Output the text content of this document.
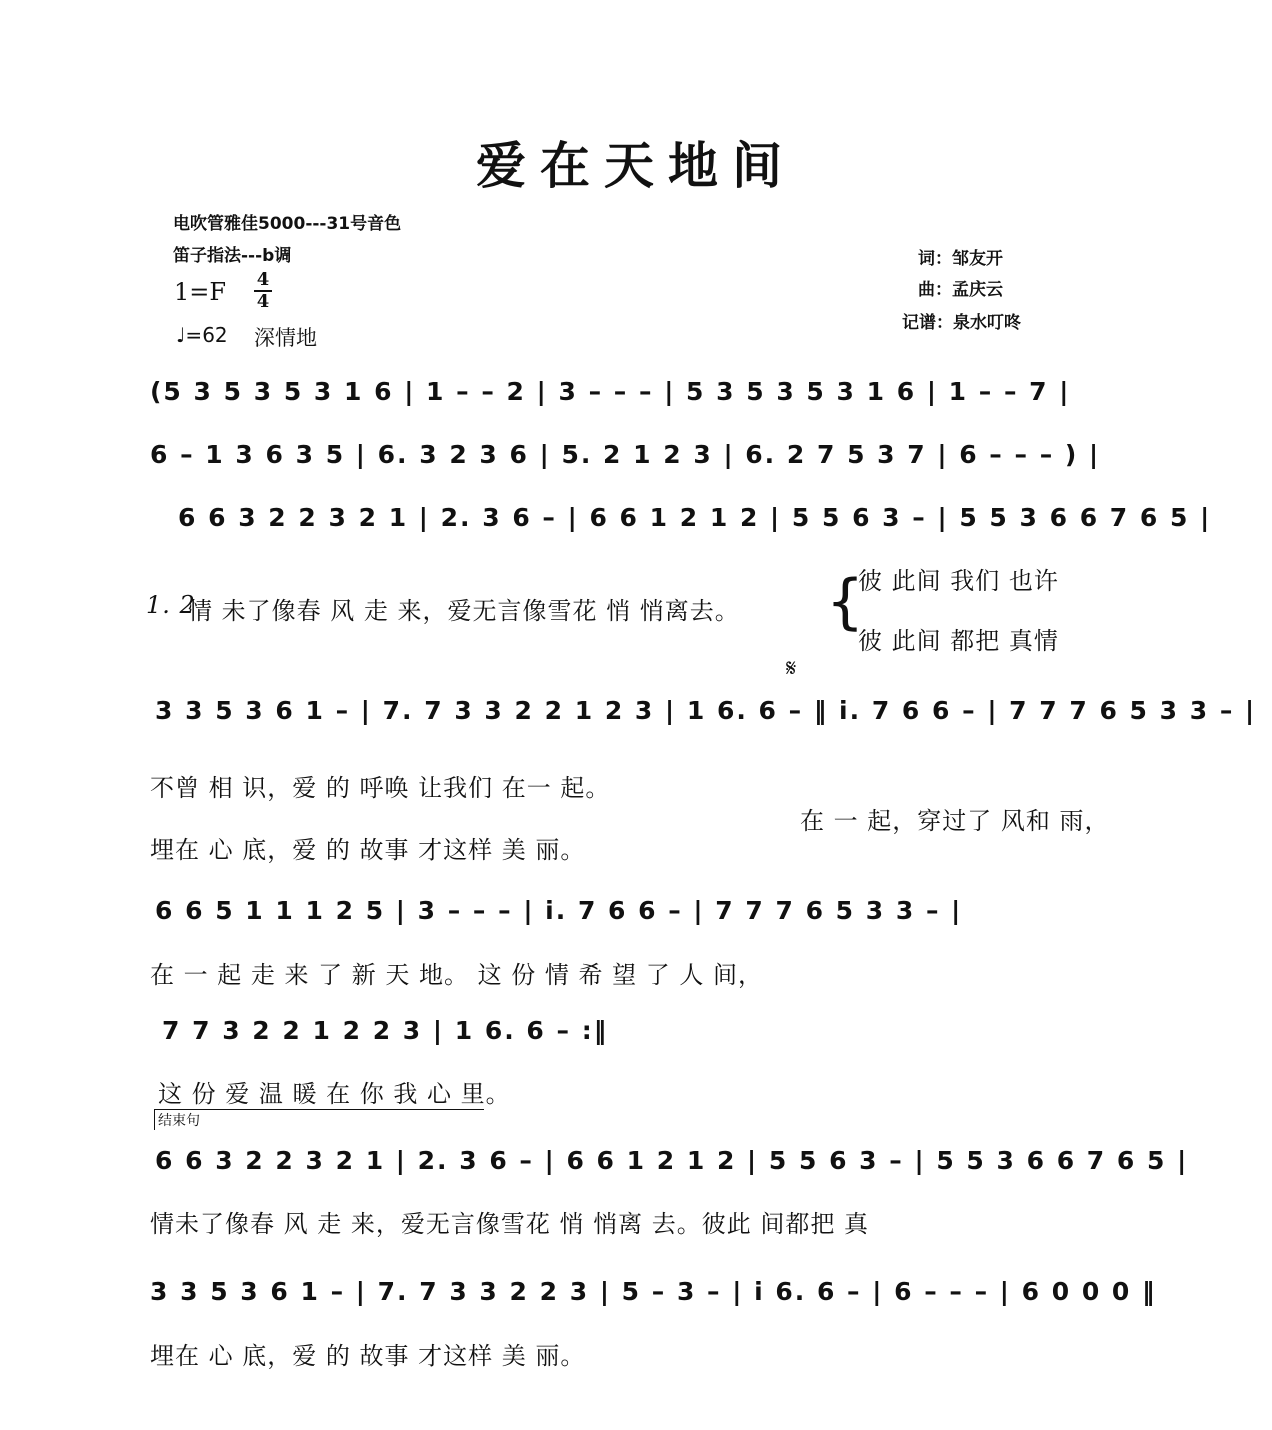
爱在天地间
电吹管雅佳5000---31号音色
笛子指法---b调
1=F 4
4
♩=62 深情地
词：邹友开
曲：孟庆云
记谱：泉水叮咚
(5 3 5 3 5 3 1 6 | 1 – – 2 | 3 – – – | 5 3 5 3 5 3 1 6 | 1 – – 7 |
6 – 1 3 6 3 5 | 6. 3 2 3 6 | 5. 2 1 2 3 | 6. 2 7 5 3 7 | 6 – – – ) |
6 6 3 2 2 3 2 1 | 2. 3 6 – | 6 6 1 2 1 2 | 5 5 6 3 – | 5 5 3 6 6 7 6 5 |
1. 2
情 未了像春 风 走 来，爱无言像雪花 悄 悄离去。 {
彼 此间 我们 也许
彼 此间 都把 真情
𝄋
3 3 5 3 6 1 – | 7. 7 3 3 2 2 1 2 3 | 1 6. 6 – ‖ i. 7 6 6 – | 7 7 7 6 5 3 3 – |
不曾 相 识，爱 的 呼唤 让我们 在一 起。
埋在 心 底，爱 的 故事 才这样 美 丽。
在 一 起，穿过了 风和 雨，
6 6 5 1 1 1 2 5 | 3 – – – | i. 7 6 6 – | 7 7 7 6 5 3 3 – |
在 一 起 走 来 了 新 天 地。 这 份 情 希 望 了 人 间，
7 7 3 2 2 1 2 2 3 | 1 6. 6 – :‖
这 份 爱 温 暖 在 你 我 心 里。
结束句
6 6 3 2 2 3 2 1 | 2. 3 6 – | 6 6 1 2 1 2 | 5 5 6 3 – | 5 5 3 6 6 7 6 5 |
情未了像春 风 走 来，爱无言像雪花 悄 悄离 去。彼此 间都把 真
3 3 5 3 6 1 – | 7. 7 3 3 2 2 3 | 5 – 3 – | i 6. 6 – | 6 – – – | 6 0 0 0 ‖
埋在 心 底，爱 的 故事 才这样 美 丽。
